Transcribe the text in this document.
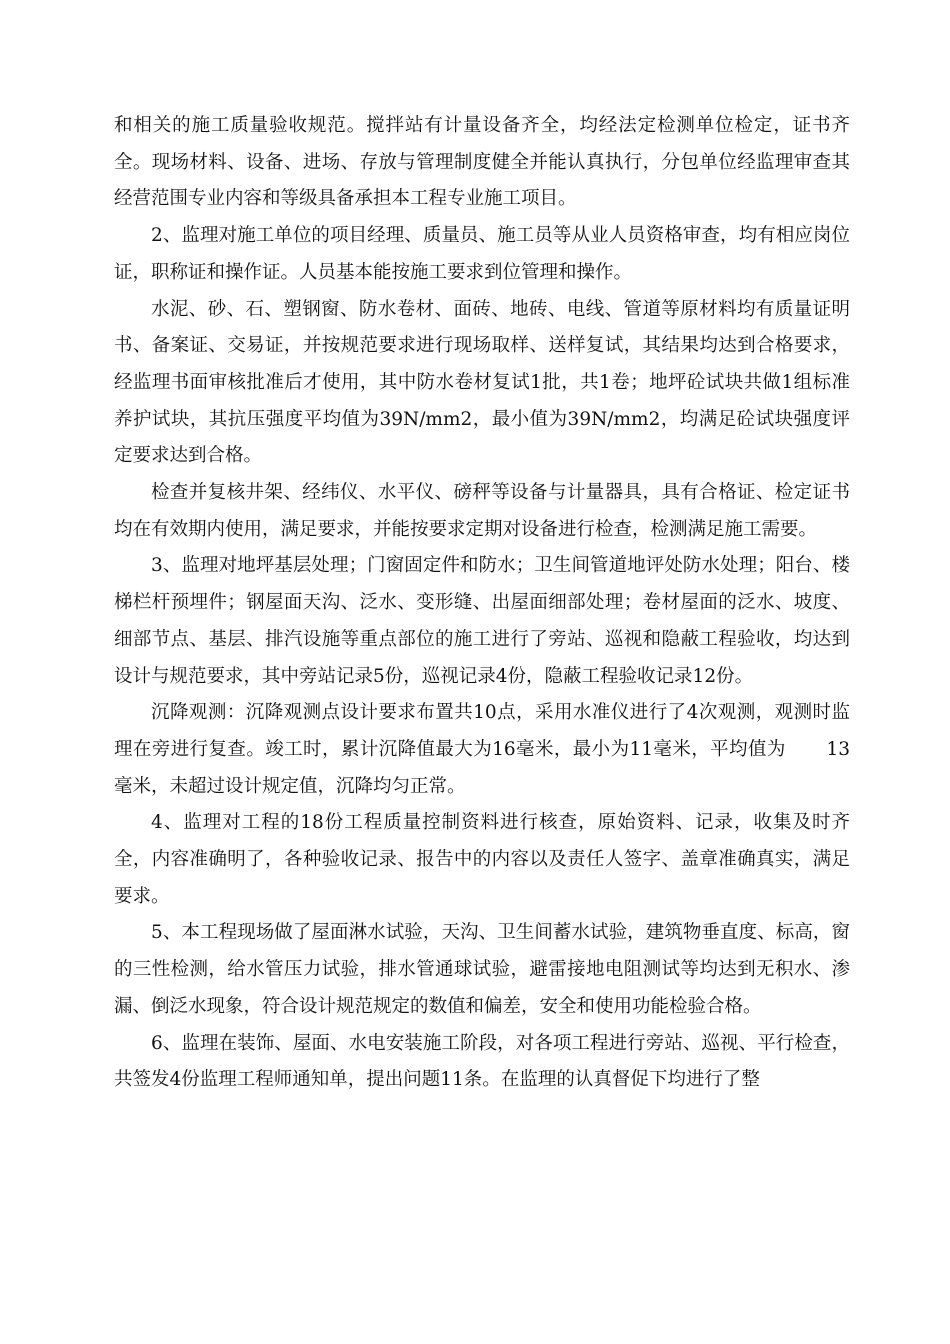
和相关的施工质量验收规范。搅拌站有计量设备齐全，均经法定检测单位检定，证书齐全。现场材料、设备、进场、存放与管理制度健全并能认真执行，分包单位经监理审查其经营范围专业内容和等级具备承担本工程专业施工项目。

2、监理对施工单位的项目经理、质量员、施工员等从业人员资格审查，均有相应岗位证，职称证和操作证。人员基本能按施工要求到位管理和操作。

水泥、砂、石、塑钢窗、防水卷材、面砖、地砖、电线、管道等原材料均有质量证明书、备案证、交易证，并按规范要求进行现场取样、送样复试，其结果均达到合格要求，经监理书面审核批准后才使用，其中防水卷材复试1批，共1卷；地坪砼试块共做1组标准养护试块，其抗压强度平均值为39N/mm2，最小值为39N/mm2，均满足砼试块强度评定要求达到合格。

检查并复核井架、经纬仪、水平仪、磅秤等设备与计量器具，具有合格证、检定证书均在有效期内使用，满足要求，并能按要求定期对设备进行检查，检测满足施工需要。

3、监理对地坪基层处理；门窗固定件和防水；卫生间管道地评处防水处理；阳台、楼梯栏杆预埋件；钢屋面天沟、泛水、变形缝、出屋面细部处理；卷材屋面的泛水、坡度、细部节点、基层、排汽设施等重点部位的施工进行了旁站、巡视和隐蔽工程验收，均达到设计与规范要求，其中旁站记录5份，巡视记录4份，隐蔽工程验收记录12份。

沉降观测：沉降观测点设计要求布置共10点，采用水准仪进行了4次观测，观测时监理在旁进行复查。竣工时，累计沉降值最大为16毫米，最小为11毫米，平均值为 13毫米，未超过设计规定值，沉降均匀正常。

4、监理对工程的18份工程质量控制资料进行核查，原始资料、记录，收集及时齐全，内容准确明了，各种验收记录、报告中的内容以及责任人签字、盖章准确真实，满足要求。

5、本工程现场做了屋面淋水试验，天沟、卫生间蓄水试验，建筑物垂直度、标高，窗的三性检测，给水管压力试验，排水管通球试验，避雷接地电阻测试等均达到无积水、渗漏、倒泛水现象，符合设计规范规定的数值和偏差，安全和使用功能检验合格。

6、监理在装饰、屋面、水电安装施工阶段，对各项工程进行旁站、巡视、平行检查，共签发4份监理工程师通知单，提出问题11条。在监理的认真督促下均进行了整
